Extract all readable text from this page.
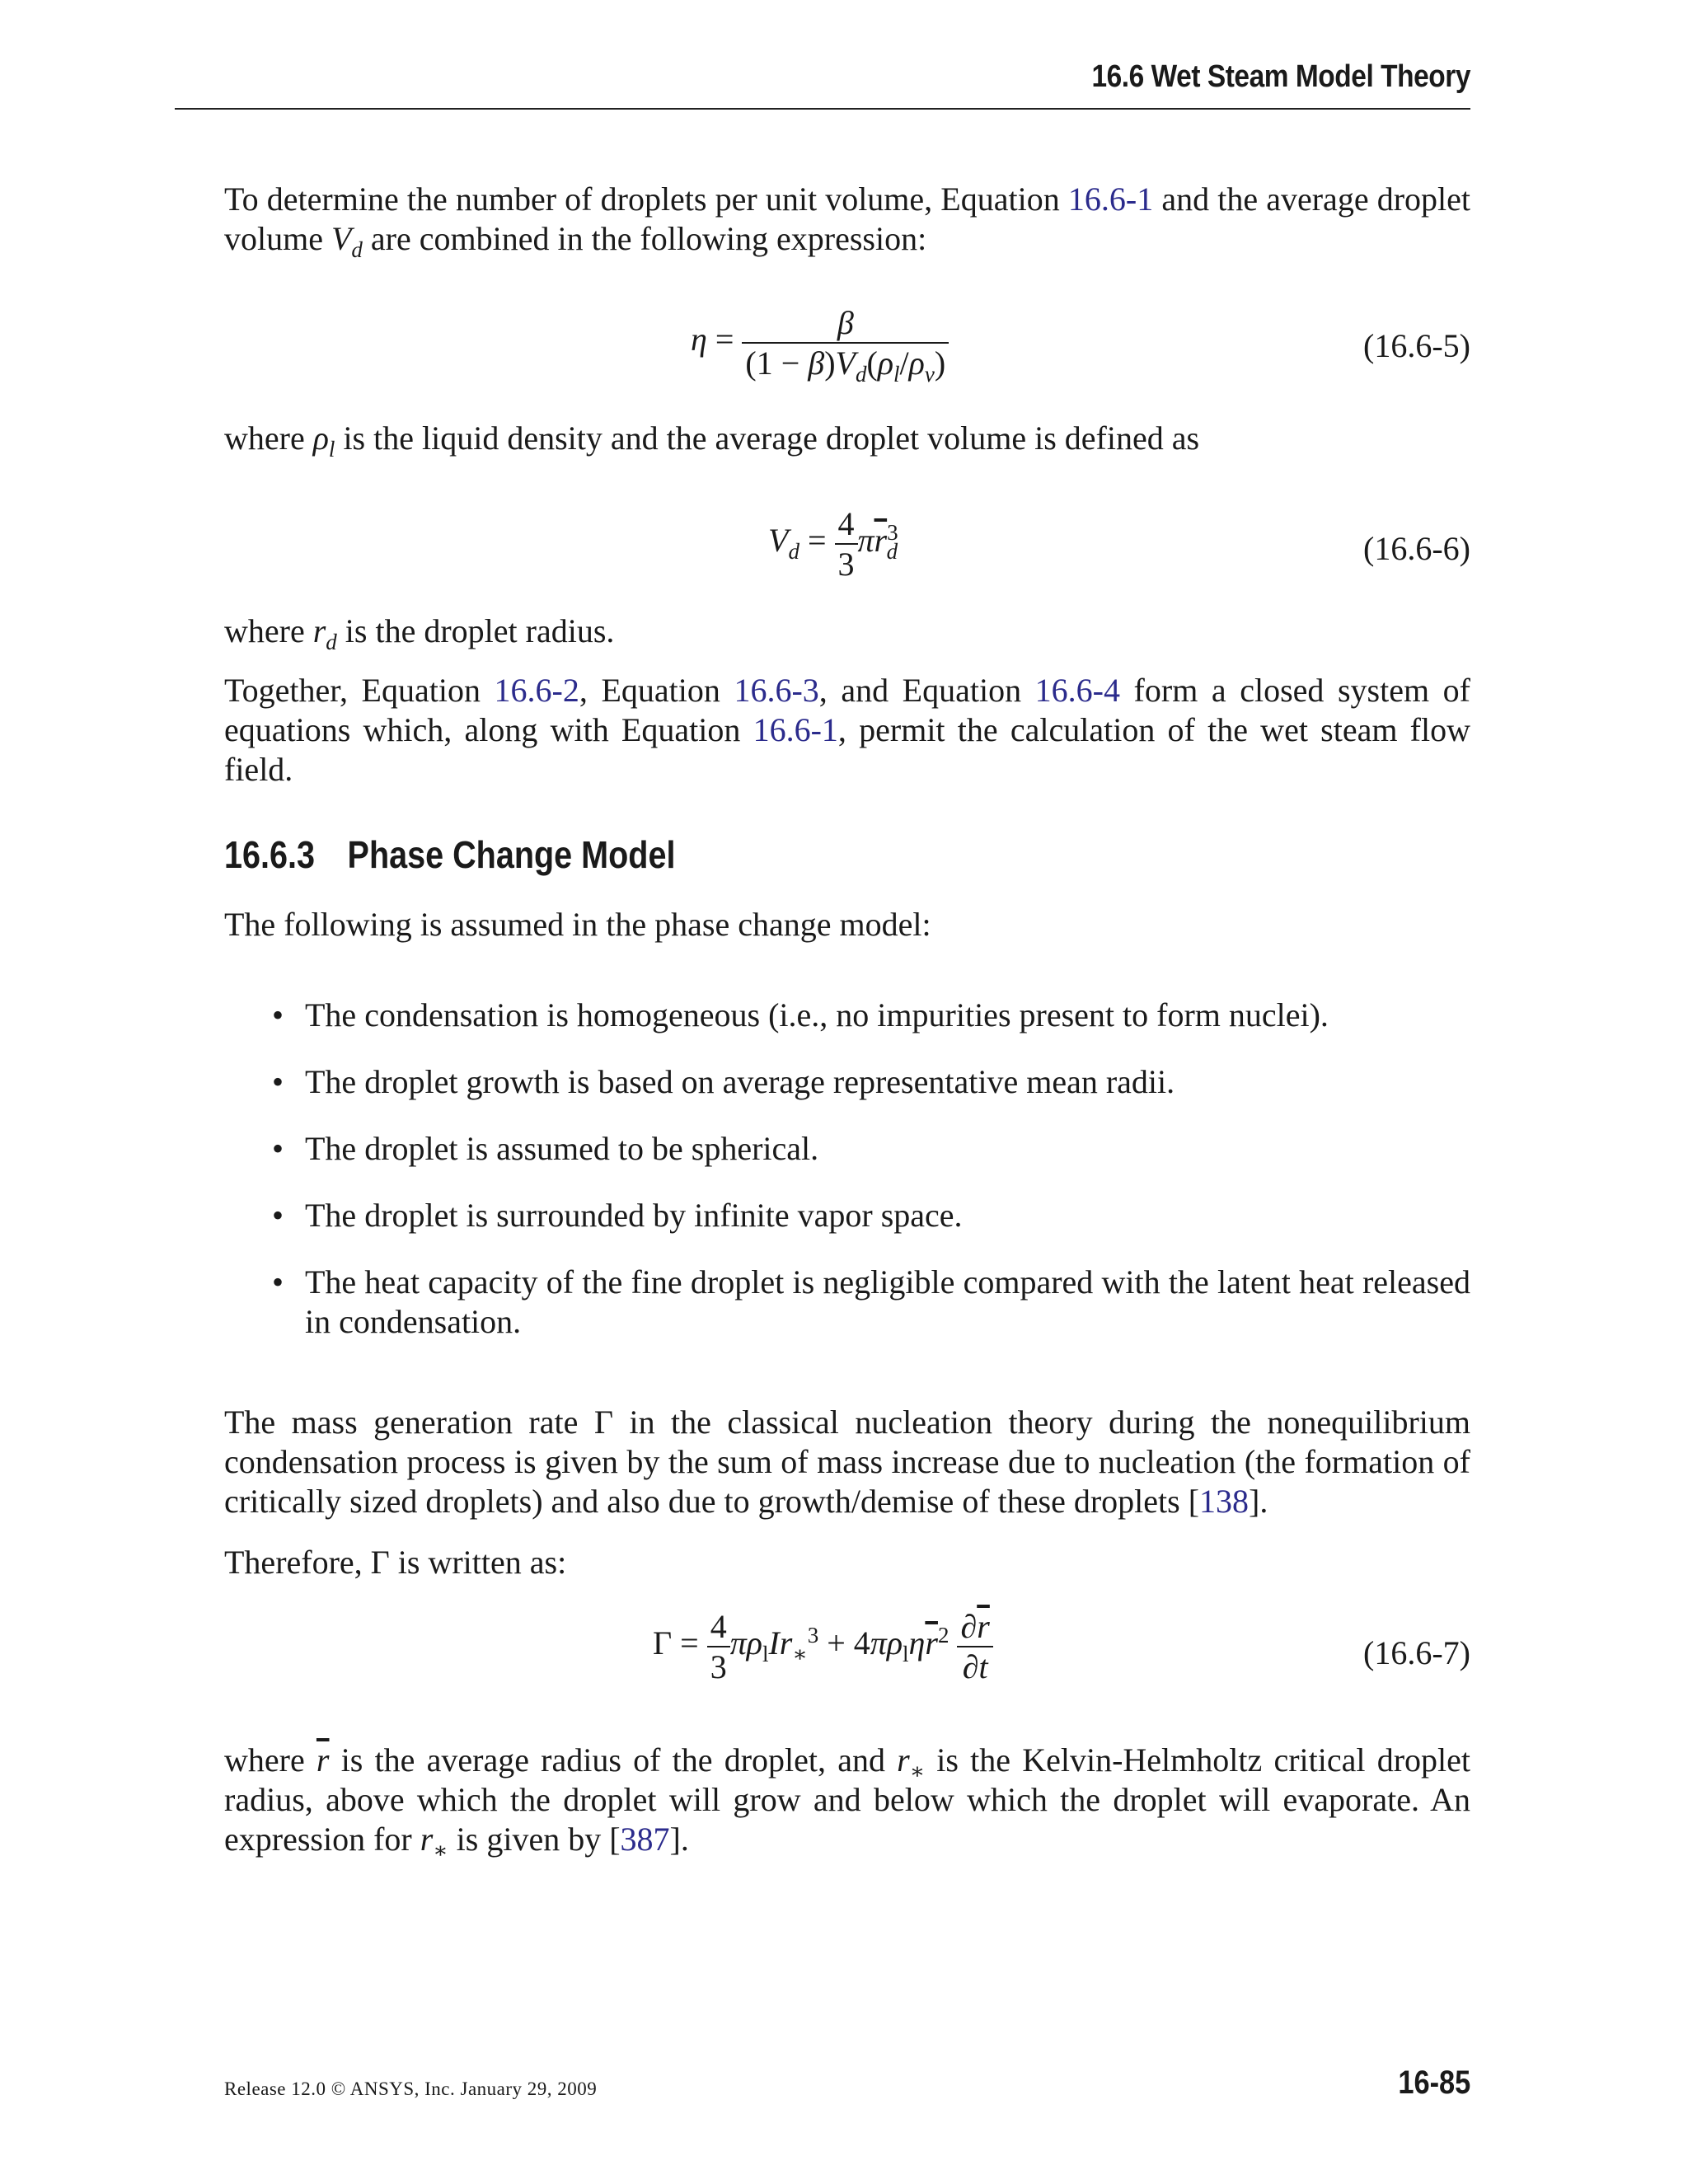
16.6 Wet Steam Model Theory

To determine the number of droplets per unit volume, Equation 16.6-1 and the average droplet volume $V_d$ are combined in the following expression:

$\eta = \frac{\beta}{(1 - \beta)V_d(\rho_l/\rho_v)}$	(16.6-5)

where $\rho_l$ is the liquid density and the average droplet volume is defined as

$V_d = \frac{4}{3} \pi\overline{r}^3_d$	(16.6-6)

where $r_d$ is the droplet radius.

Together, Equation 16.6-2, Equation 16.6-3, and Equation 16.6-4 form a closed system of equations which, along with Equation 16.6-1, permit the calculation of the wet steam flow field.

16.6.3 Phase Change Model

The following is assumed in the phase change model:

• The condensation is homogeneous (i.e., no impurities present to form nuclei).
• The droplet growth is based on average representative mean radii.
• The droplet is assumed to be spherical.
• The droplet is surrounded by infinite vapor space.
• The heat capacity of the fine droplet is negligible compared with the latent heat released in condensation.

The mass generation rate Γ in the classical nucleation theory during the nonequilibrium condensation process is given by the sum of mass increase due to nucleation (the formation of critically sized droplets) and also due to growth/demise of these droplets [138].

Therefore, Γ is written as:

$\Gamma = \frac{4}{3} \pi\rho_lIr_∗^3 + 4\pi\rho_l\eta\overline{r}^2 \frac{\partial\overline{r}}{\partial t}$	(16.6-7)

where $\overline{r}$ is the average radius of the droplet, and $r_∗$ is the Kelvin-Helmholtz critical droplet radius, above which the droplet will grow and below which the droplet will evaporate. An expression for $r_∗$ is given by [387].

Release 12.0 © ANSYS, Inc. January 29, 2009	16-85
